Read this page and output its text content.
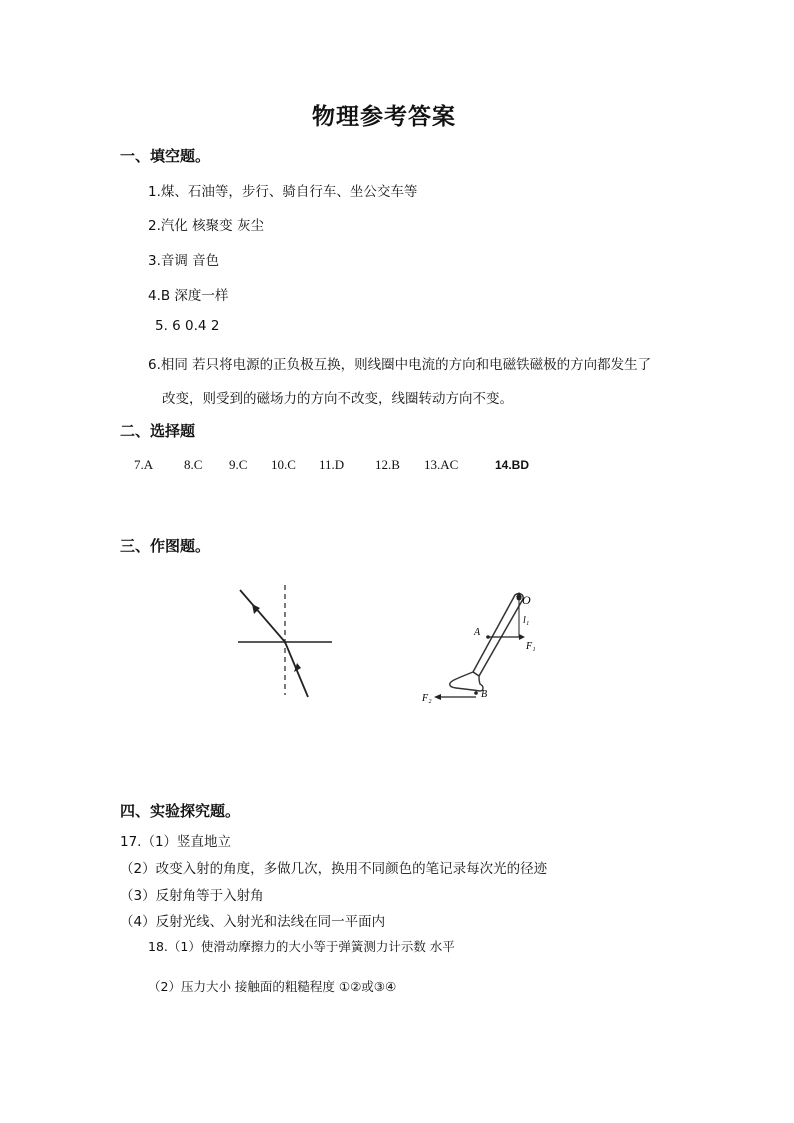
物理参考答案
一、填空题。
1.煤、石油等，步行、骑自行车、坐公交车等
2.汽化 核聚变 灰尘
3.音调 音色
4.B 深度一样
5. 6 0.4 2
6.相同 若只将电源的正负极互换，则线圈中电流的方向和电磁铁磁极的方向都发生了
改变，则受到的磁场力的方向不改变，线圈转动方向不变。
二、选择题
7.A 8.C 9.C 10.C 11.D 12.B 13.AC	14.BD
三、作图题。
O
l₁
A
F₁
F₂	B
四、实验探究题。
17.（1）竖直地立
（2）改变入射的角度，多做几次，换用不同颜色的笔记录每次光的径迹
（3）反射角等于入射角
（4）反射光线、入射光和法线在同一平面内
18.（1）使滑动摩擦力的大小等于弹簧测力计示数 水平
（2）压力大小 接触面的粗糙程度 ①②或③④
